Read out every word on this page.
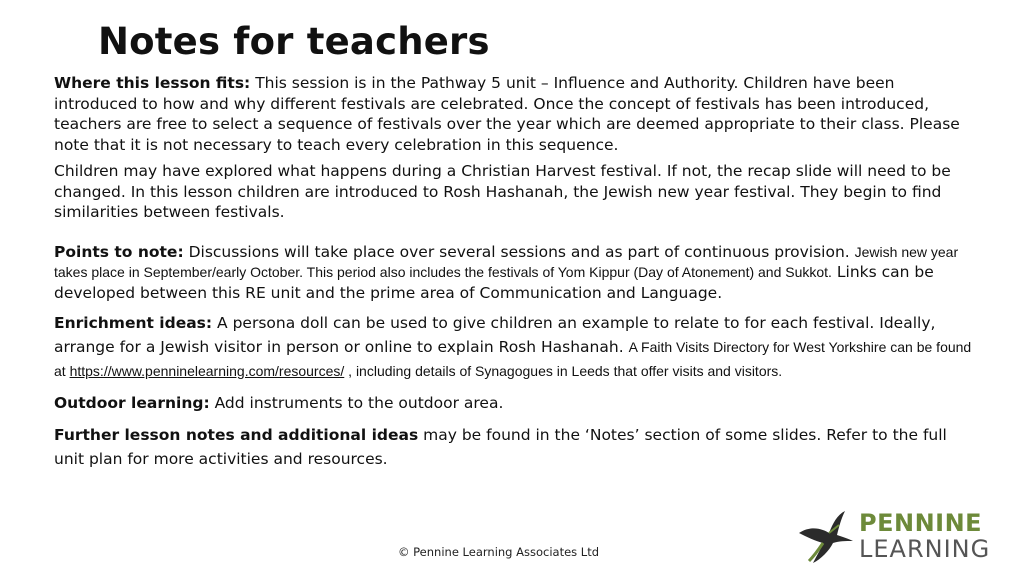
Notes for teachers

Where this lesson fits: This session is in the Pathway 5 unit – Influence and Authority. Children have been introduced to how and why different festivals are celebrated. Once the concept of festivals has been introduced, teachers are free to select a sequence of festivals over the year which are deemed appropriate to their class. Please note that it is not necessary to teach every celebration in this sequence.

Children may have explored what happens during a Christian Harvest festival. If not, the recap slide will need to be changed. In this lesson children are introduced to Rosh Hashanah, the Jewish new year festival. They begin to find similarities between festivals.

Points to note: Discussions will take place over several sessions and as part of continuous provision. Jewish new year takes place in September/early October. This period also includes the festivals of Yom Kippur (Day of Atonement) and Sukkot. Links can be developed between this RE unit and the prime area of Communication and Language.

Enrichment ideas: A persona doll can be used to give children an example to relate to for each festival. Ideally, arrange for a Jewish visitor in person or online to explain Rosh Hashanah. A Faith Visits Directory for West Yorkshire can be found at https://www.penninelearning.com/resources/ , including details of Synagogues in Leeds that offer visits and visitors.

Outdoor learning: Add instruments to the outdoor area.

Further lesson notes and additional ideas may be found in the ‘Notes’ section of some slides. Refer to the full unit plan for more activities and resources.

© Pennine Learning Associates Ltd
PENNINE
LEARNING
